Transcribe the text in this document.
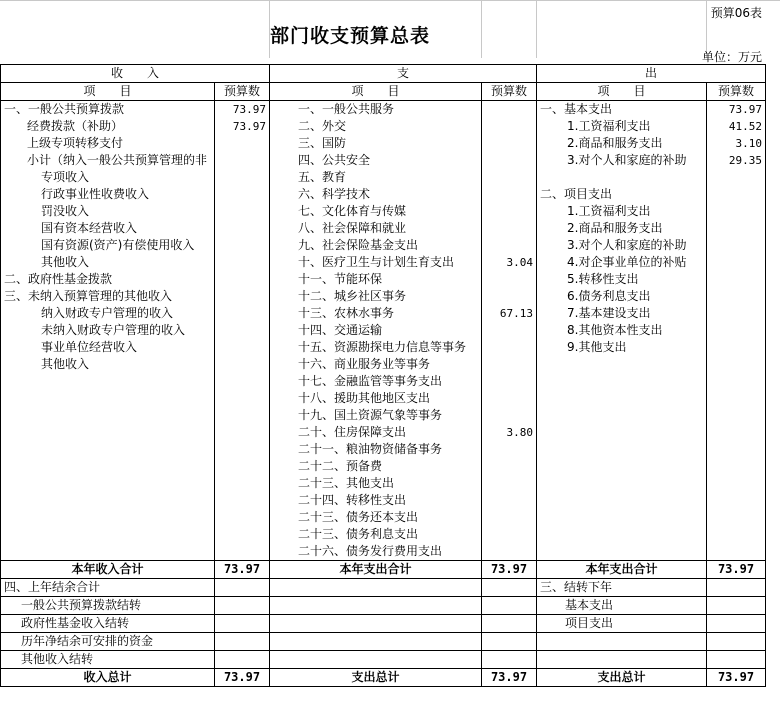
预算06表
部门收支预算总表
单位：万元
收　　入		支		出	
项　　目	预算数	项　　目	预算数	项　　目	预算数
一、一般公共预算拨款	73.97	一、一般公共服务		一、基本支出	73.97
经费拨款（补助）	73.97	二、外交		1.工资福利支出	41.52
上级专项转移支付		三、国防		2.商品和服务支出	3.10
小计（纳入一般公共预算管理的非		四、公共安全		3.对个人和家庭的补助	29.35
专项收入		五、教育			
行政事业性收费收入		六、科学技术		二、项目支出	
罚没收入		七、文化体育与传媒		1.工资福利支出	
国有资本经营收入		八、社会保障和就业		2.商品和服务支出	
国有资源(资产)有偿使用收入		九、社会保险基金支出		3.对个人和家庭的补助	
其他收入		十、医疗卫生与计划生育支出	3.04	4.对企事业单位的补贴	
二、政府性基金拨款		十一、节能环保		5.转移性支出	
三、未纳入预算管理的其他收入		十二、城乡社区事务		6.债务利息支出	
纳入财政专户管理的收入		十三、农林水事务	67.13	7.基本建设支出	
未纳入财政专户管理的收入		十四、交通运输		8.其他资本性支出	
事业单位经营收入		十五、资源勘探电力信息等事务		9.其他支出	
其他收入		十六、商业服务业等事务			
		十七、金融监管等事务支出			
		十八、援助其他地区支出			
		十九、国土资源气象等事务			
		二十、住房保障支出	3.80		
		二十一、粮油物资储备事务			
		二十二、预备费			
		二十三、其他支出			
		二十四、转移性支出			
		二十三、债务还本支出			
		二十三、债务利息支出			
		二十六、债务发行费用支出			
本年收入合计	73.97	本年支出合计	73.97	本年支出合计	73.97
四、上年结余合计				三、结转下年	
一般公共预算拨款结转				基本支出	
政府性基金收入结转				项目支出	
历年净结余可安排的资金					
其他收入结转					
收入总计	73.97	支出总计	73.97	支出总计	73.97
